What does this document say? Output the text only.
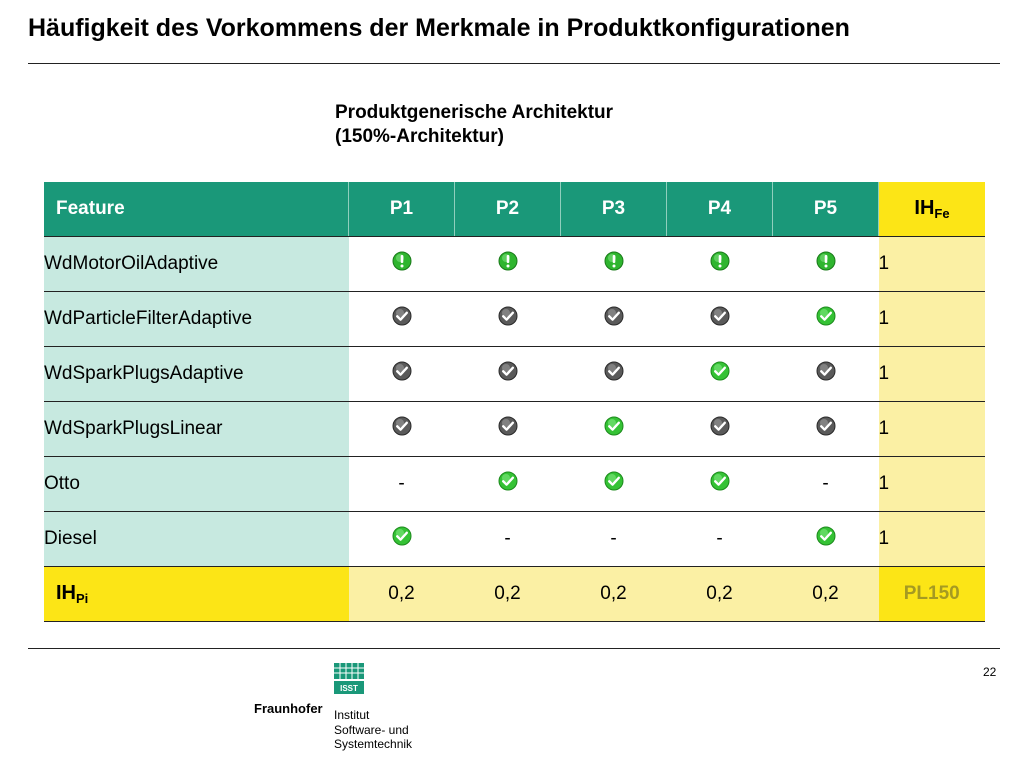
Häufigkeit des Vorkommens der Merkmale in Produktkonfigurationen
Produktgenerische Architektur
(150%-Architektur)
Feature	P1	P2	P3	P4	P5	$IH_{Fe}$
WdMotorOilAdaptive						1
WdParticleFilterAdaptive						1
WdSparkPlugsAdaptive						1
WdSparkPlugsLinear						1
Otto	-				-	1
Diesel		-	-	-		1
$IH_{Pi}$	0,2	0,2	0,2	0,2	0,2	PL150
22
ISST
Fraunhofer Institut
Software- und
Systemtechnik
